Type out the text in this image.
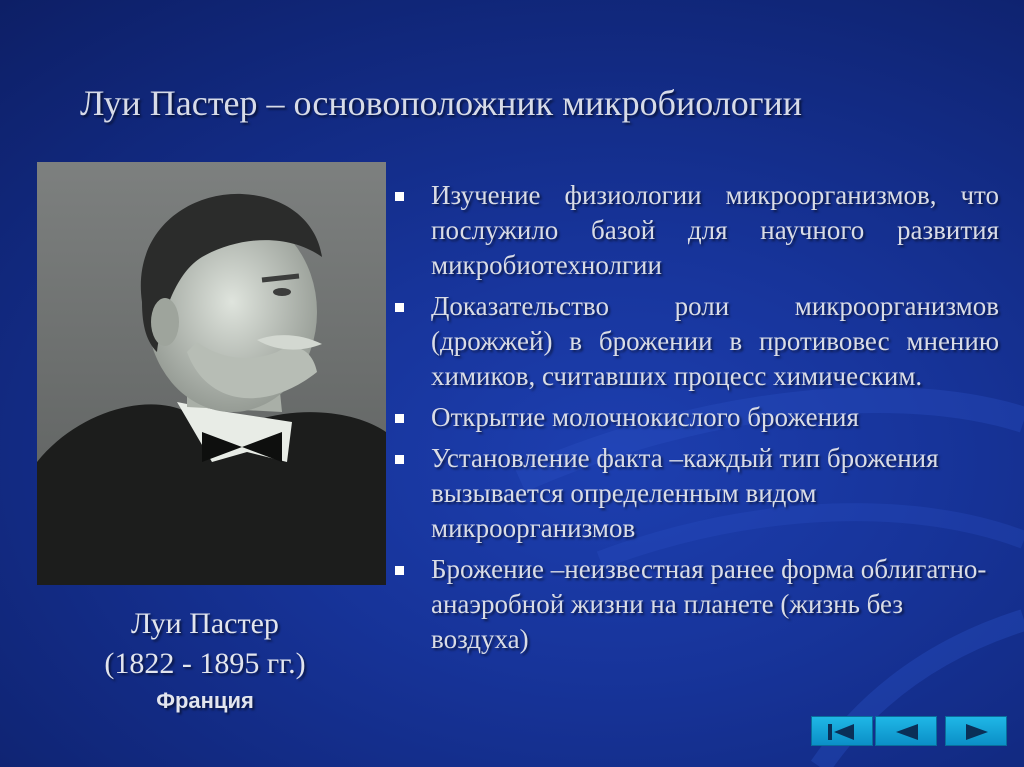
Луи Пастер – основоположник микробиологии
Луи Пастер
(1822 - 1895 гг.)
Франция
Изучение физиологии микроорганизмов, что послужило базой для научного развития микробиотехнолгии
Доказательство роли микроорганизмов (дрожжей) в брожении в противовес мнению химиков, считавших процесс химическим.
Открытие молочнокислого брожения
Установление факта –каждый тип брожения вызывается определенным видом микроорганизмов
Брожение –неизвестная ранее форма облигатно-анаэробной жизни на планете (жизнь без воздуха)
